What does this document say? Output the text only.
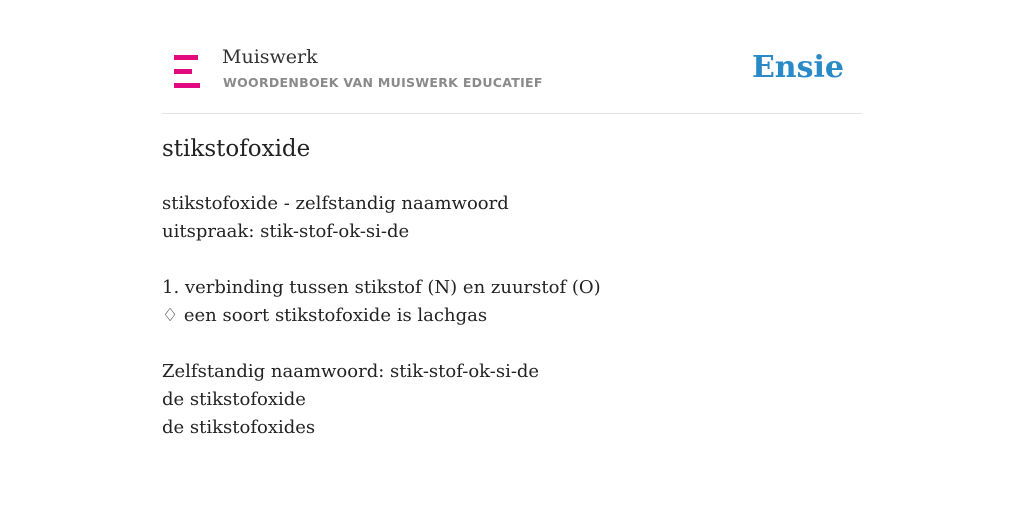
Muiswerk
WOORDENBOEK VAN MUISWERK EDUCATIEF	Ensie
stikstofoxide
stikstofoxide - zelfstandig naamwoord
uitspraak: stik-stof-ok-si-de
1. verbinding tussen stikstof (N) en zuurstof (O)
♢ een soort stikstofoxide is lachgas
Zelfstandig naamwoord: stik-stof-ok-si-de
de stikstofoxide
de stikstofoxides
